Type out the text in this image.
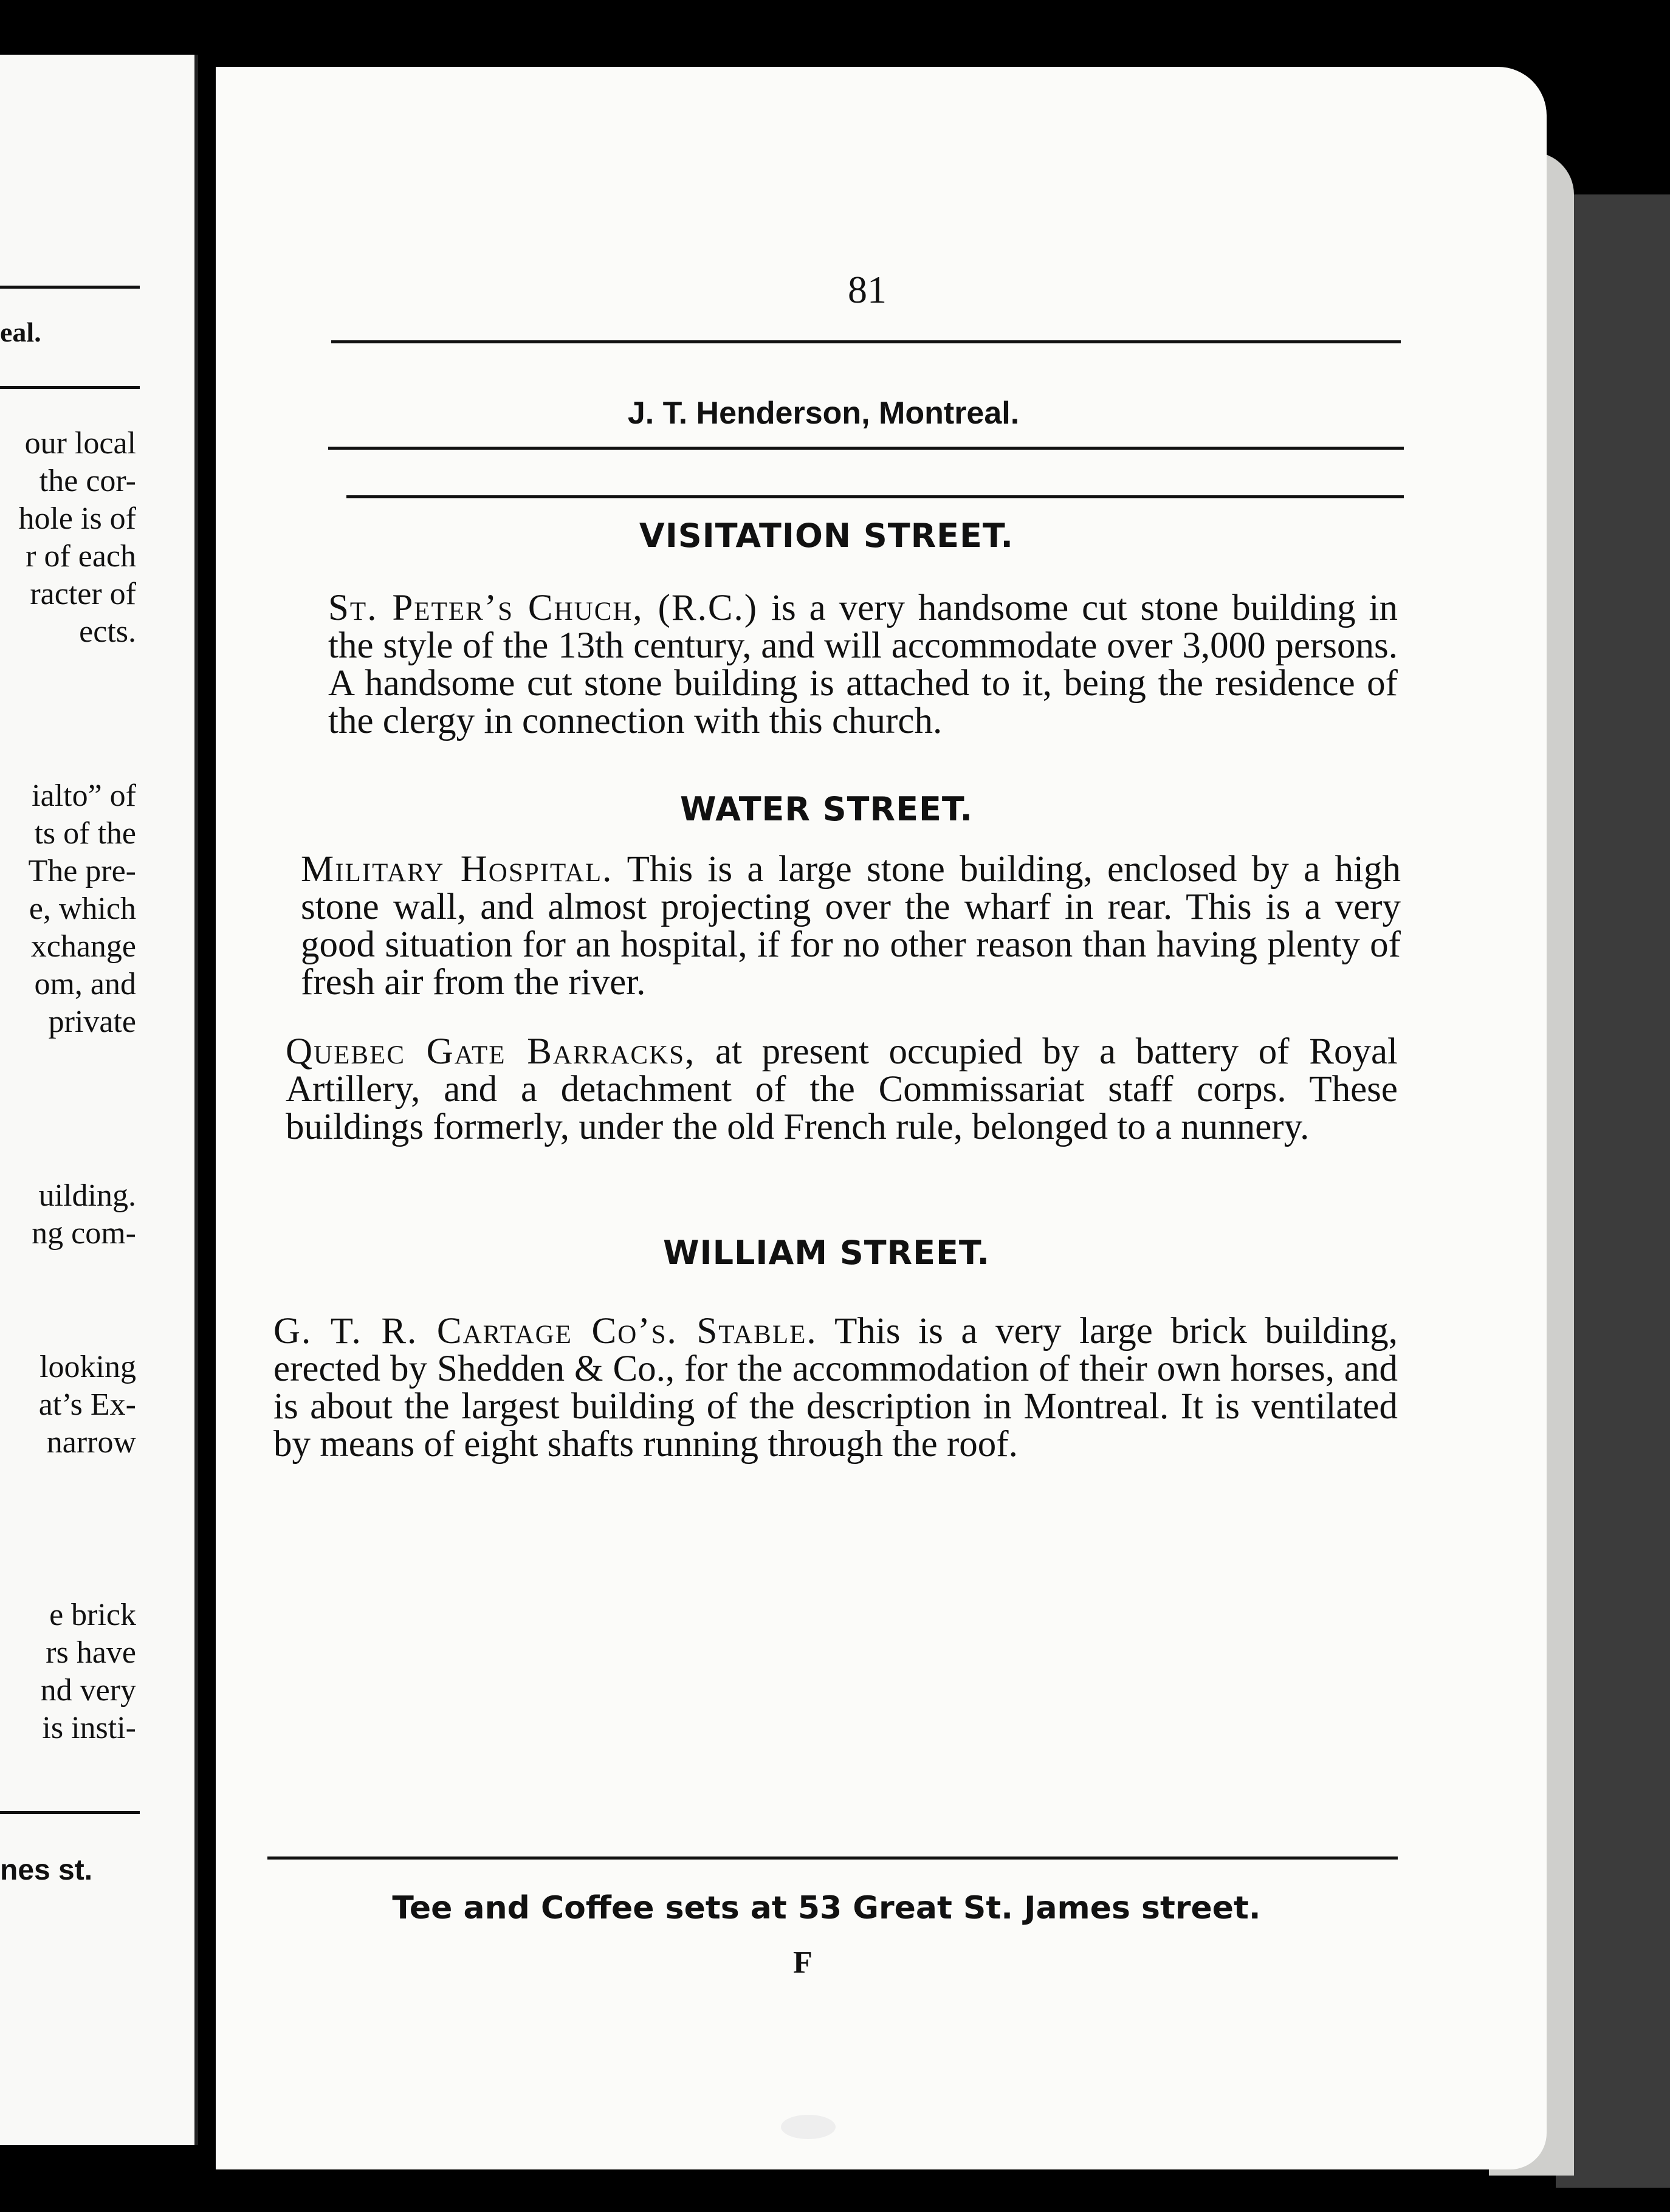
eal.
our local
the cor-
hole is of
r of each
racter of
ects.
ialto” of
ts of the
The pre-
e, which
xchange
om, and
private
uilding.
ng com-
looking
at’s Ex-
narrow
e brick
rs have
nd very
is insti-
nes st.
81
J. T. Henderson, Montreal.
VISITATION STREET.
St. Peter’s Chuch, (R.C.) is a very handsome cut stone building in the style of the 13th century, and will accommodate over 3,000 persons. A handsome cut stone building is attached to it, being the residence of the clergy in connection with this church.
WATER STREET.
Military Hospital. This is a large stone building, enclosed by a high stone wall, and almost projecting over the wharf in rear. This is a very good situation for an hospital, if for no other reason than having plenty of fresh air from the river.
Quebec Gate Barracks, at present occupied by a battery of Royal Artillery, and a detachment of the Commissariat staff corps. These buildings formerly, under the old French rule, belonged to a nunnery.
WILLIAM STREET.
G. T. R. Cartage Co’s. Stable. This is a very large brick building, erected by Shedden & Co., for the accommodation of their own horses, and is about the largest building of the description in Montreal. It is ventilated by means of eight shafts running through the roof.
Tee and Coffee sets at 53 Great St. James street.
F
